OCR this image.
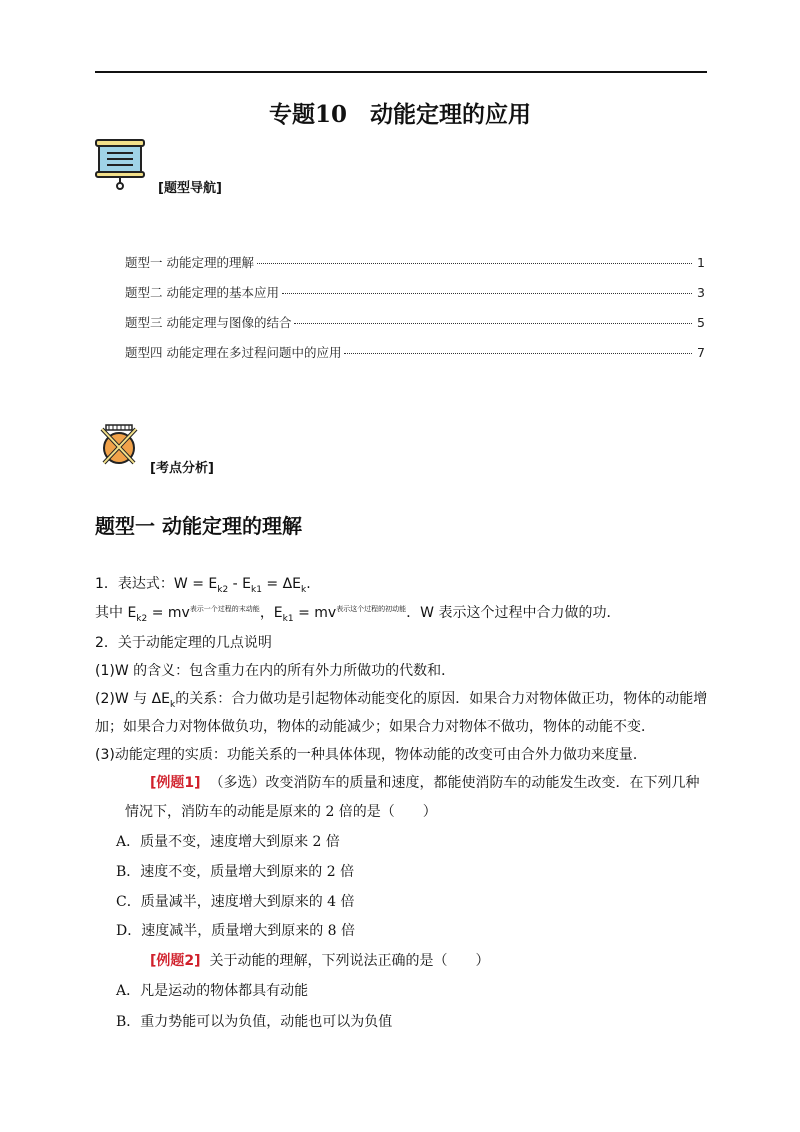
专题10　动能定理的应用
[题型导航]
题型一 动能定理的理解	1
题型二 动能定理的基本应用	3
题型三 动能定理与图像的结合	5
题型四 动能定理在多过程问题中的应用	7
[考点分析]
题型一 动能定理的理解
1．表达式：$W = E_{k2} - E_{k1} = \Delta E_k$.
其中 $E_{k2} = mv^{表示一个过程的末动能}$，$E_{k1} = mv^{表示这个过程的初动能}$．W 表示这个过程中合力做的功．
2．关于动能定理的几点说明
(1)W 的含义：包含重力在内的所有外力所做功的代数和．
(2)W 与 $\Delta E_k$的关系：合力做功是引起物体动能变化的原因．如果合力对物体做正功，物体的动能增
加；如果合力对物体做负功，物体的动能减少；如果合力对物体不做功，物体的动能不变．
(3)动能定理的实质：功能关系的一种具体体现，物体动能的改变可由合外力做功来度量．
[例题1] （多选）改变消防车的质量和速度，都能使消防车的动能发生改变．在下列几种
情况下，消防车的动能是原来的 2 倍的是（　　）
A．质量不变，速度增大到原来 2 倍
B．速度不变，质量增大到原来的 2 倍
C．质量减半，速度增大到原来的 4 倍
D．速度减半，质量增大到原来的 8 倍
[例题2] 关于动能的理解，下列说法正确的是（　　）
A．凡是运动的物体都具有动能
B．重力势能可以为负值，动能也可以为负值
